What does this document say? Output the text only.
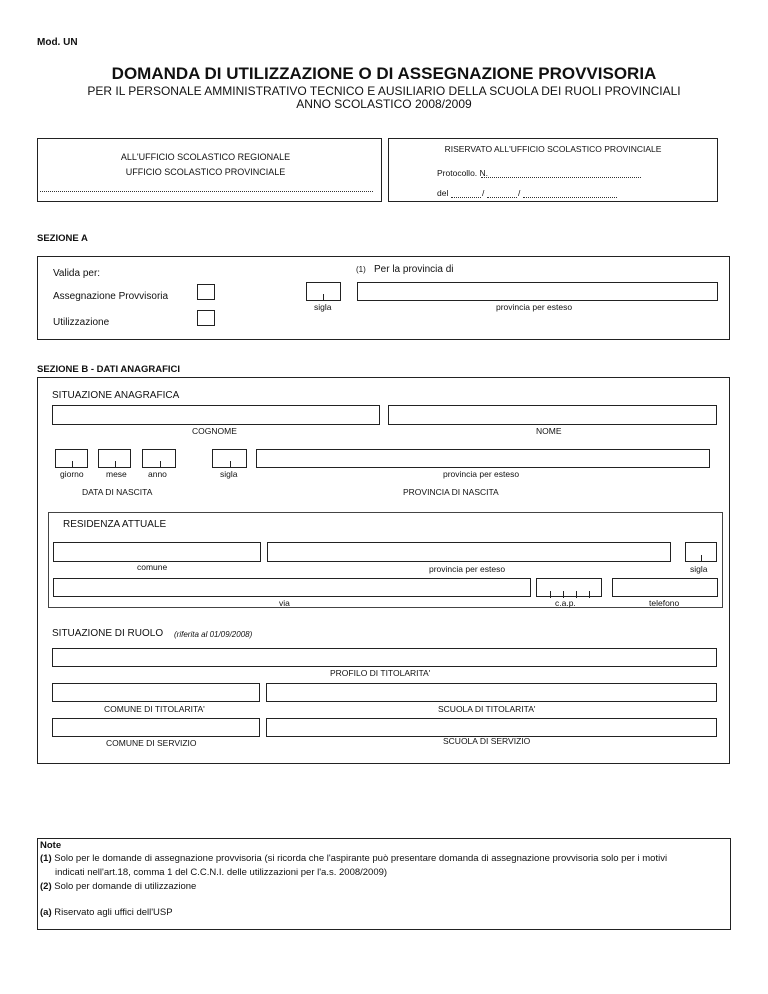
Mod. UN
DOMANDA DI UTILIZZAZIONE O DI ASSEGNAZIONE PROVVISORIA
PER IL PERSONALE AMMINISTRATIVO TECNICO E AUSILIARIO DELLA SCUOLA DEI RUOLI PROVINCIALI
ANNO SCOLASTICO 2008/2009
ALL'UFFICIO SCOLASTICO REGIONALE
UFFICIO SCOLASTICO PROVINCIALE
RISERVATO ALL'UFFICIO SCOLASTICO PROVINCIALE
Protocollo. N.
del	/	/
SEZIONE A
Valida per:
Assegnazione Provvisoria
Utilizzazione
(1) Per la provincia di
sigla	provincia per esteso
SEZIONE B - DATI ANAGRAFICI
SITUAZIONE ANAGRAFICA
COGNOME	NOME
giorno	mese anno
DATA DI NASCITA
sigla	provincia per esteso
PROVINCIA DI NASCITA
RESIDENZA ATTUALE
comune	provincia per esteso	sigla
via	c.a.p.	telefono
SITUAZIONE DI RUOLO (riferita al 01/09/2008)
PROFILO DI TITOLARITA'
COMUNE DI TITOLARITA'	SCUOLA DI TITOLARITA'
COMUNE DI SERVIZIO	SCUOLA DI SERVIZIO
Note
(1) Solo per le domande di assegnazione provvisoria (si ricorda che l'aspirante può presentare domanda di assegnazione provvisoria solo per i motivi
indicati nell'art.18, comma 1 del C.C.N.I. delle utilizzazioni per l'a.s. 2008/2009)
(2) Solo per domande di utilizzazione
(a) Riservato agli uffici dell'USP
